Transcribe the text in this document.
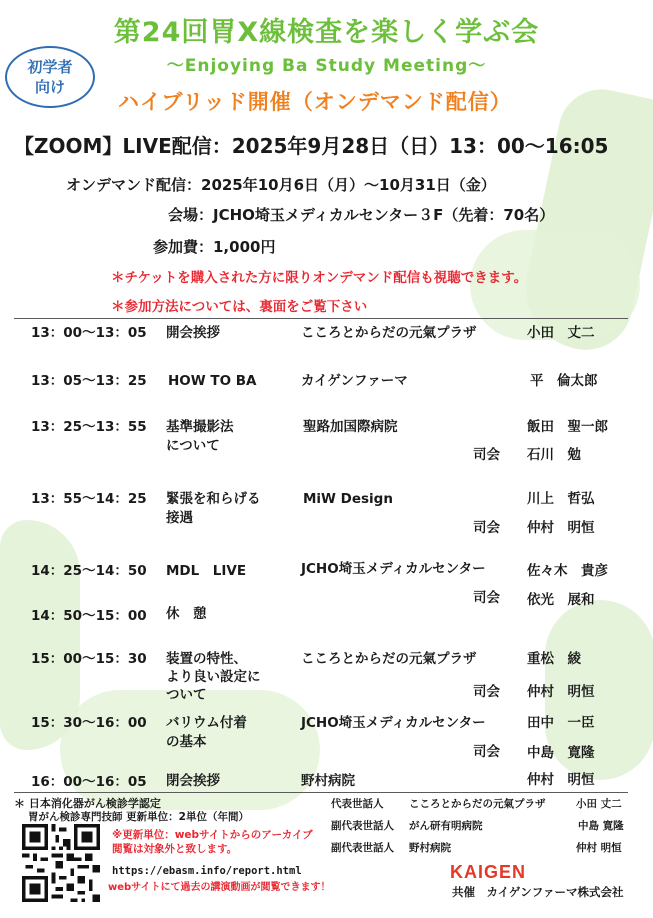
第24回胃X線検査を楽しく学ぶ会
～Enjoying Ba Study Meeting～
初学者
向け
ハイブリッド開催（オンデマンド配信）
【ZOOM】LIVE配信：2025年9月28日（日）13：00～16:05
オンデマンド配信：2025年10月6日（月）～10月31日（金）
会場：JCHO埼玉メディカルセンター３F（先着：70名）
参加費：1,000円
＊チケットを購入された方に限りオンデマンド配信も視聴できます。
＊参加方法については、裏面をご覧下さい
13：00～13：05 開会挨拶	こころとからだの元氣プラザ	小田　丈二
13：05～13：25 HOW TO BA	カイゲンファーマ	平　倫太郎
13：25～13：55 基準撮影法
について
聖路加国際病院	飯田　聖一郎
司会 石川　勉
13：55～14：25 緊張を和らげる
接遇
MiW Design	川上　哲弘
司会 仲村　明恒
14：25～14：50 MDL　LIVE	JCHO埼玉メディカルセンター	佐々木　貴彦
司会 依光　展和
14：50～15：00 休　憩
15：00～15：30 装置の特性、
より良い設定に
ついて
こころとからだの元氣プラザ	重松　綾
司会 仲村　明恒
15：30～16：00 バリウム付着
の基本
JCHO埼玉メディカルセンター	田中　一臣
司会 中島　寛隆
16：00～16：05 閉会挨拶	野村病院	仲村　明恒
＊ 日本消化器がん検診学認定
胃がん検診専門技師 更新単位：2単位（年間）
※更新単位：webサイトからのアーカイブ
閲覧は対象外と致します。
https://ebasm.info/report.html
webサイトにて過去の講演動画が閲覧できます！
代表世話人 こころとからだの元氣プラザ	小田 丈二
副代表世話人 がん研有明病院	中島 寛隆
副代表世話人 野村病院	仲村 明恒
KAIGEN
共催　カイゲンファーマ株式会社
